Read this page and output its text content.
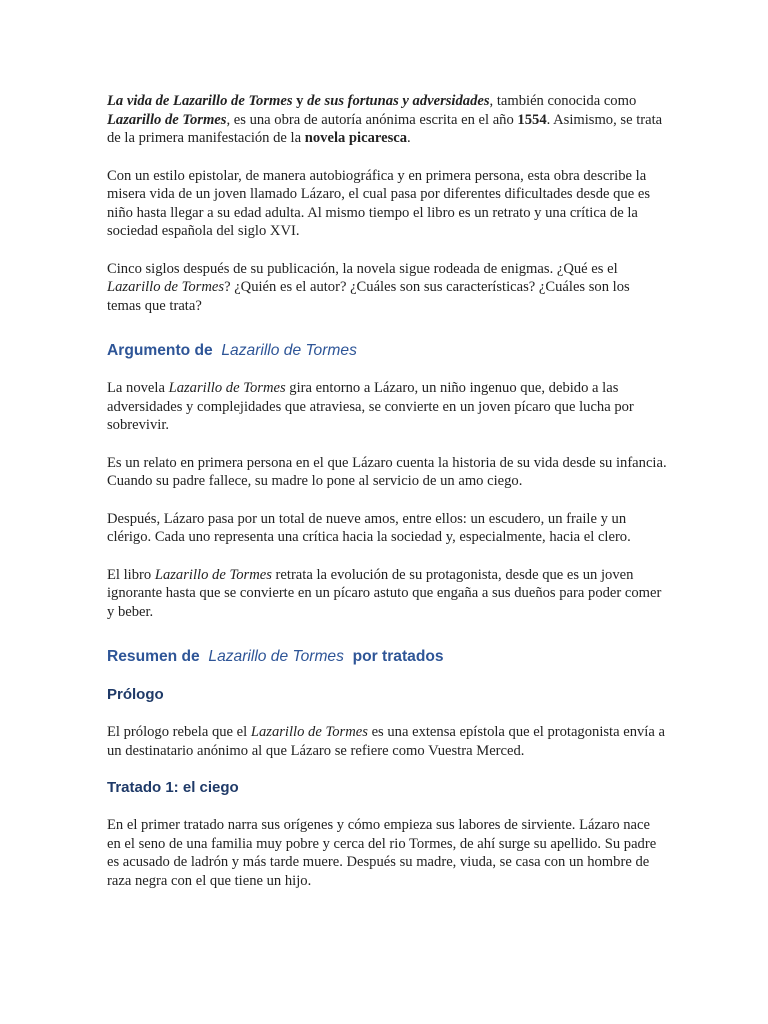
La vida de Lazarillo de Tormes y de sus fortunas y adversidades, también conocida como Lazarillo de Tormes, es una obra de autoría anónima escrita en el año 1554. Asimismo, se trata de la primera manifestación de la novela picaresca.

Con un estilo epistolar, de manera autobiográfica y en primera persona, esta obra describe la misera vida de un joven llamado Lázaro, el cual pasa por diferentes dificultades desde que es niño hasta llegar a su edad adulta. Al mismo tiempo el libro es un retrato y una crítica de la sociedad española del siglo XVI.

Cinco siglos después de su publicación, la novela sigue rodeada de enigmas. ¿Qué es el Lazarillo de Tormes? ¿Quién es el autor? ¿Cuáles son sus características? ¿Cuáles son los temas que trata?

Argumento de  Lazarillo de Tormes

La novela Lazarillo de Tormes gira entorno a Lázaro, un niño ingenuo que, debido a las adversidades y complejidades que atraviesa, se convierte en un joven pícaro que lucha por sobrevivir.

Es un relato en primera persona en el que Lázaro cuenta la historia de su vida desde su infancia. Cuando su padre fallece, su madre lo pone al servicio de un amo ciego.

Después, Lázaro pasa por un total de nueve amos, entre ellos: un escudero, un fraile y un clérigo. Cada uno representa una crítica hacia la sociedad y, especialmente, hacia el clero.

El libro Lazarillo de Tormes retrata la evolución de su protagonista, desde que es un joven ignorante hasta que se convierte en un pícaro astuto que engaña a sus dueños para poder comer y beber.

Resumen de  Lazarillo de Tormes  por tratados
Prólogo

El prólogo rebela que el Lazarillo de Tormes es una extensa epístola que el protagonista envía a un destinatario anónimo al que Lázaro se refiere como Vuestra Merced.

Tratado 1: el ciego

En el primer tratado narra sus orígenes y cómo empieza sus labores de sirviente. Lázaro nace en el seno de una familia muy pobre y cerca del rio Tormes, de ahí surge su apellido. Su padre es acusado de ladrón y más tarde muere. Después su madre, viuda, se casa con un hombre de raza negra con el que tiene un hijo.
